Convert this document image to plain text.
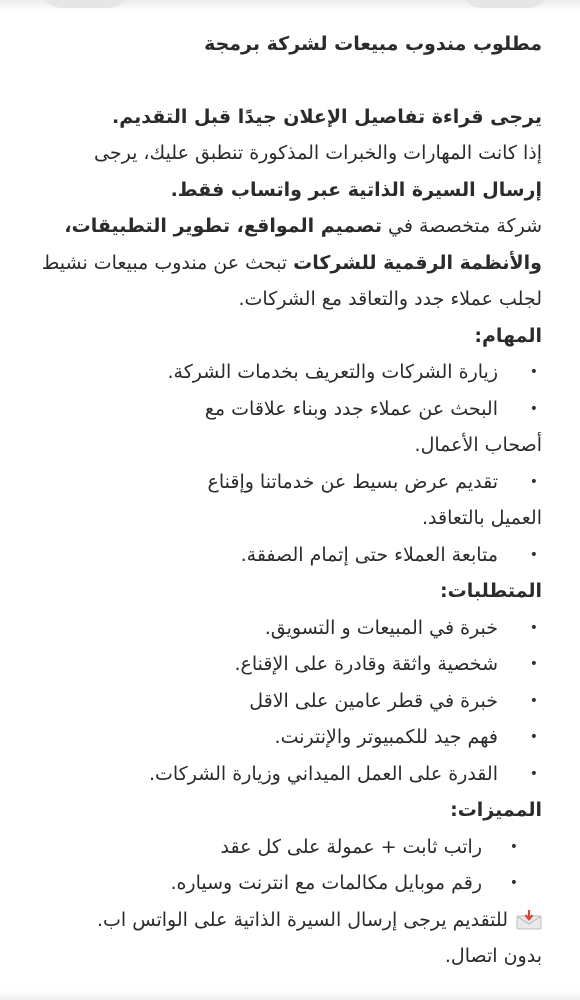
مطلوب مندوب مبيعات لشركة برمجة

يرجى قراءة تفاصيل الإعلان جيدًا قبل التقديم.
إذا كانت المهارات والخبرات المذكورة تنطبق عليك، يرجى
إرسال السيرة الذاتية عبر واتساب فقط.

شركة متخصصة في تصميم المواقع، تطوير التطبيقات، والأنظمة الرقمية للشركات تبحث عن مندوب مبيعات نشيط لجلب عملاء جدد والتعاقد مع الشركات.

المهام:
•
زيارة الشركات والتعريف بخدمات الشركة.
•
البحث عن عملاء جدد وبناء علاقات مع
أصحاب الأعمال.
•
تقديم عرض بسيط عن خدماتنا وإقناع
العميل بالتعاقد.
•
متابعة العملاء حتى إتمام الصفقة.
المتطلبات:
•
خبرة في المبيعات و التسويق.
•
شخصية واثقة وقادرة على الإقناع.
•
خبرة في قطر عامين على الاقل
•
فهم جيد للكمبيوتر والإنترنت.
•
القدرة على العمل الميداني وزيارة الشركات.
المميزات:
•
راتب ثابت + عمولة على كل عقد
•
رقم موبايل مكالمات مع انترنت وسياره.

للتقديم يرجى إرسال السيرة الذاتية على الواتس اب.
بدون اتصال.
